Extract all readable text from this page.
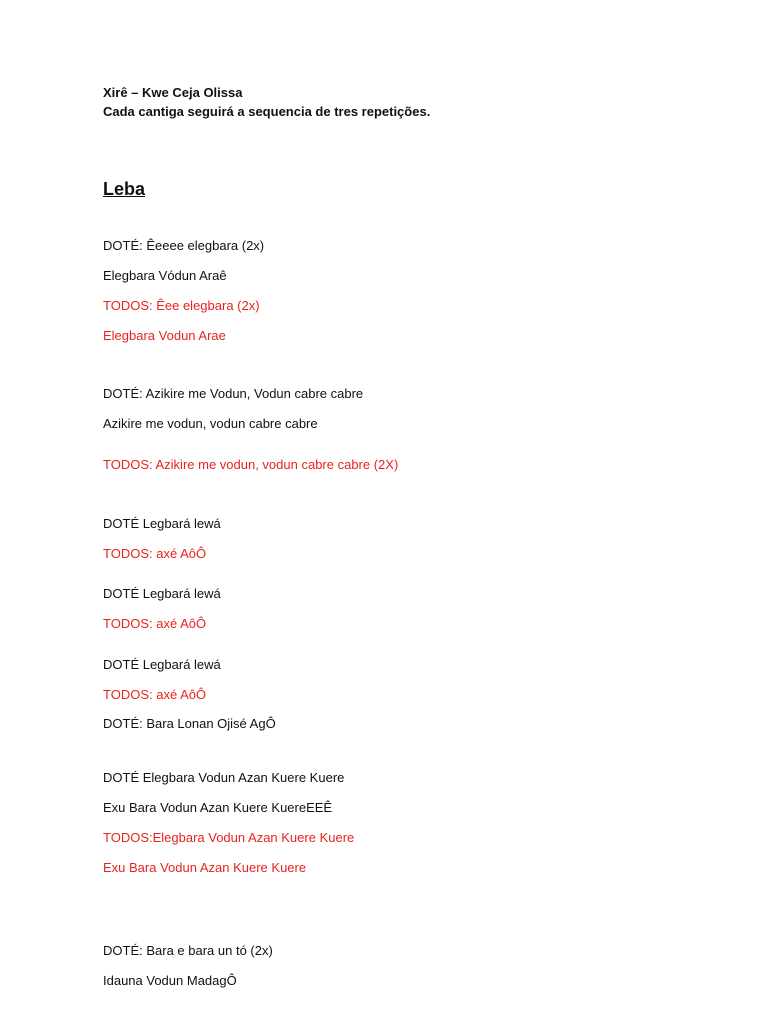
Xirê – Kwe Ceja Olissa
Cada cantiga seguirá a sequencia de tres repetições.
Leba
DOTÉ: Êeeee elegbara (2x)
Elegbara Vódun Araê
TODOS: Êee elegbara (2x)
Elegbara Vodun Arae
DOTÉ: Azikire me Vodun, Vodun cabre cabre
Azikire me vodun, vodun cabre cabre
TODOS: Azikire me vodun, vodun cabre cabre (2X)
DOTÉ Legbará lewá
TODOS: axé AôÔ
DOTÉ Legbará lewá
TODOS: axé AôÔ
DOTÉ Legbará lewá
TODOS: axé AôÔ
DOTÉ: Bara Lonan Ojisé AgÔ
DOTÉ Elegbara Vodun Azan Kuere Kuere
Exu Bara Vodun Azan Kuere KuereEEÊ
TODOS:Elegbara Vodun Azan Kuere Kuere
Exu Bara Vodun Azan Kuere Kuere
DOTÉ: Bara e bara un tó (2x)
Idauna Vodun MadagÔ
